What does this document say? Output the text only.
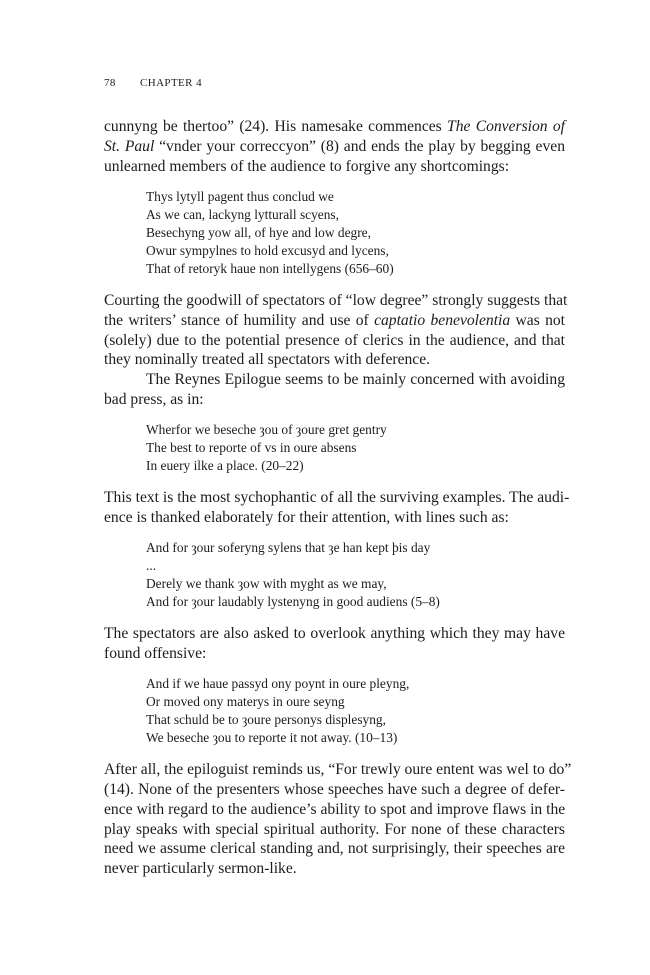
78 CHAPTER 4

cunnyng be thertoo” (24). His namesake commences The Conversion of
St. Paul “vnder your correccyon” (8) and ends the play by begging even
unlearned members of the audience to forgive any shortcomings:

Thys lytyll pagent thus conclud we
As we can, lackyng lytturall scyens,
Besechyng yow all, of hye and low degre,
Owur sympylnes to hold excusyd and lycens,
That of retoryk haue non intellygens (656–60)

Courting the goodwill of spectators of “low degree” strongly suggests that
the writers’ stance of humility and use of captatio benevolentia was not
(solely) due to the potential presence of clerics in the audience, and that
they nominally treated all spectators with deference.

The Reynes Epilogue seems to be mainly concerned with avoiding
bad press, as in:

Wherfor we beseche ȝou of ȝoure gret gentry
The best to reporte of vs in oure absens
In euery ilke a place. (20–22)

This text is the most sychophantic of all the surviving examples. The audi-
ence is thanked elaborately for their attention, with lines such as:

And for ȝour soferyng sylens that ȝe han kept þis day
...
Derely we thank ȝow with myght as we may,
And for ȝour laudably lystenyng in good audiens (5–8)

The spectators are also asked to overlook anything which they may have
found offensive:

And if we haue passyd ony poynt in oure pleyng,
Or moved ony materys in oure seyng
That schuld be to ȝoure personys displesyng,
We beseche ȝou to reporte it not away. (10–13)

After all, the epiloguist reminds us, “For trewly oure entent was wel to do”
(14). None of the presenters whose speeches have such a degree of defer-
ence with regard to the audience’s ability to spot and improve flaws in the
play speaks with special spiritual authority. For none of these characters
need we assume clerical standing and, not surprisingly, their speeches are
never particularly sermon-like.
